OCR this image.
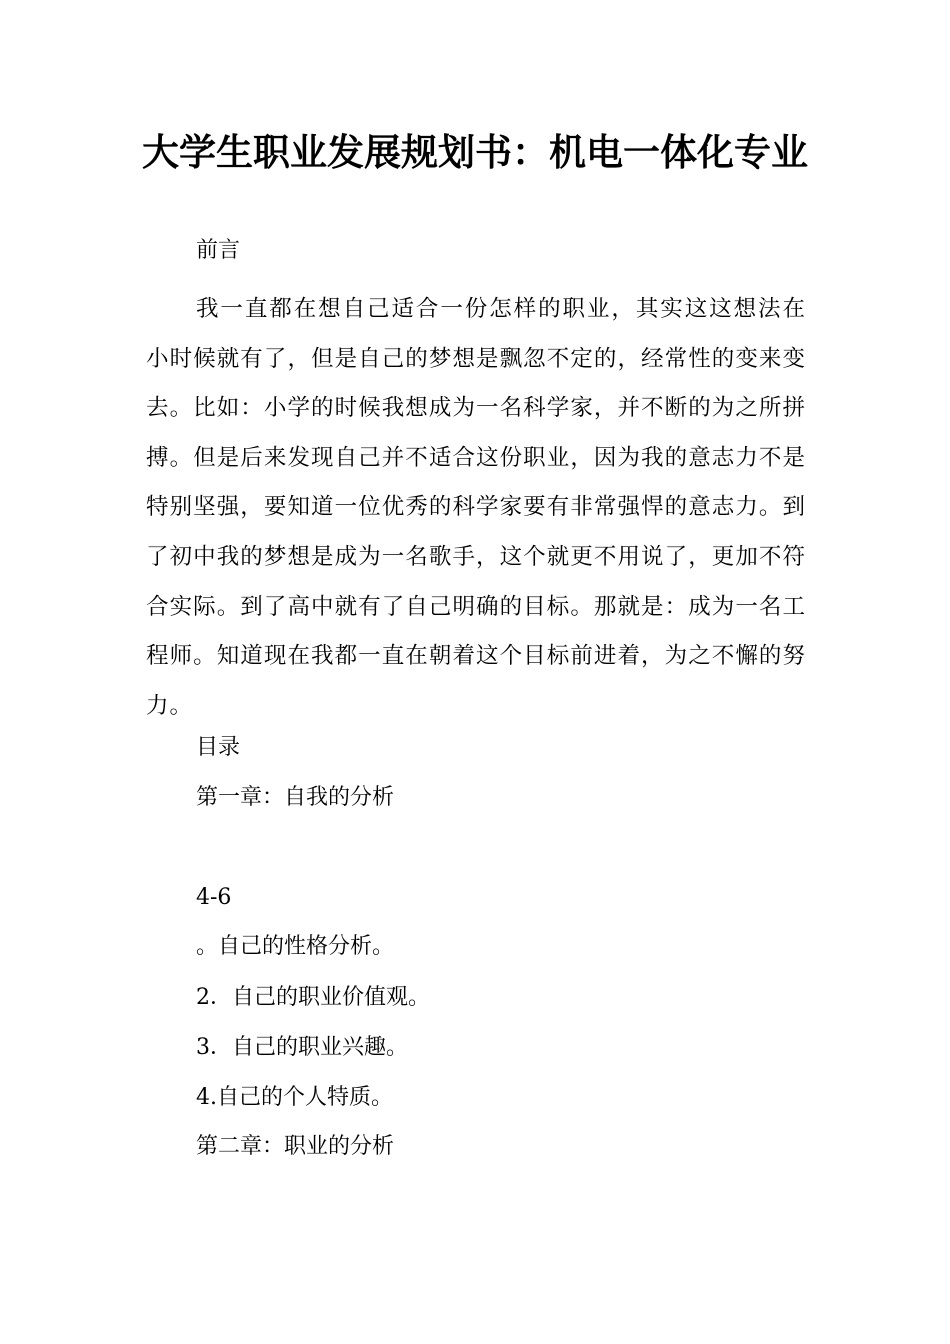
大学生职业发展规划书：机电一体化专业

前言

我一直都在想自己适合一份怎样的职业，其实这这想法在小时候就有了，但是自己的梦想是飘忽不定的，经常性的变来变去。比如：小学的时候我想成为一名科学家，并不断的为之所拼搏。但是后来发现自己并不适合这份职业，因为我的意志力不是特别坚强，要知道一位优秀的科学家要有非常强悍的意志力。到了初中我的梦想是成为一名歌手，这个就更不用说了，更加不符合实际。到了高中就有了自己明确的目标。那就是：成为一名工程师。知道现在我都一直在朝着这个目标前进着，为之不懈的努力。

目录

第一章：自我的分析

4-6

。自己的性格分析。

2．自己的职业价值观。

3．自己的职业兴趣。

4.自己的个人特质。

第二章：职业的分析
